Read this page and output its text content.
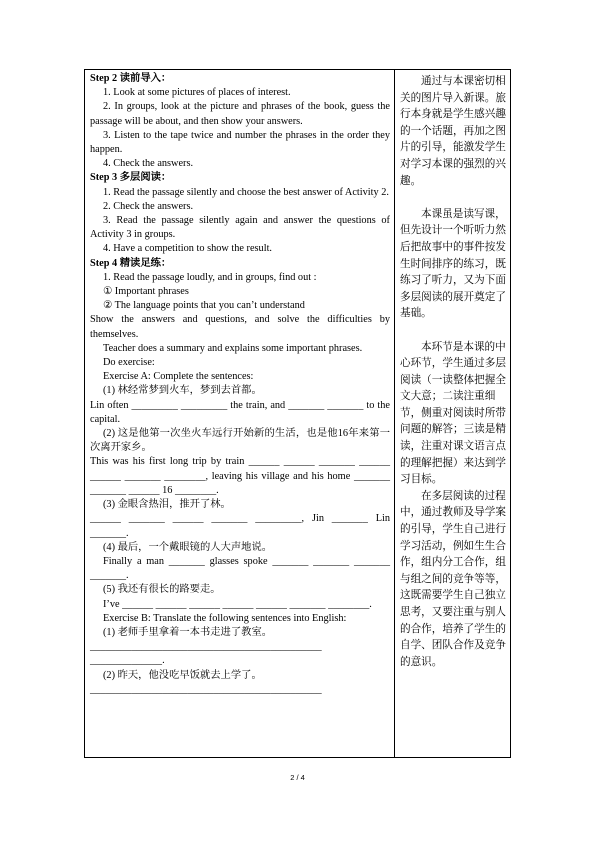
Step 2 读前导入：

1. Look at some pictures of places of interest.

2. In groups, look at the picture and phrases of the book, guess the passage will be about, and then show your answers.

3. Listen to the tape twice and number the phrases in the order they happen.

4. Check the answers.

Step 3 多层阅读：

1. Read the passage silently and choose the best answer of Activity 2.

2. Check the answers.

3. Read the passage silently again and answer the questions of Activity 3 in groups.

4. Have a competition to show the result.

Step 4 精读足练：

1. Read the passage loudly, and in groups, find out :

① Important phrases

② The language points that you can’t understand

Show the answers and questions, and solve the difficulties by themselves.

Teacher does a summary and explains some important phrases.

Do exercise:

Exercise A: Complete the sentences:

(1) 林经常梦到火车，梦到去首都。

Lin often _________ _________ the train, and _______ _______ to the capital.

(2) 这是他第一次坐火车远行开始新的生活，也是他16年来第一次离开家乡。

This was his first long trip by train ______ ______ _______ ______ ______ _______ ________, leaving his village and his home _______ _______ ______ 16 ________.

(3) 金眼含热泪，推开了林。

______ _______ ______ _______ _________, Jin _______ Lin _______.

(4) 最后，一个戴眼镜的人大声地说。

Finally a man _______ glasses spoke _______ _______ _______ _______.

(5) 我还有很长的路要走。

I’ve ______ ______ ______ ______ ______ _______ ________.

Exercise B: Translate the following sentences into English:

(1) 老师手里拿着一本书走进了教室。

_____________________________________________ ______________.

(2) 昨天，他没吃早饭就去上学了。

_____________________________________________

通过与本课密切相关的图片导入新课。旅行本身就是学生感兴趣的一个话题，再加之图片的引导，能激发学生对学习本课的强烈的兴趣。

本课虽是读写课，但先设计一个听听力然后把故事中的事件按发生时间排序的练习，既练习了听力，又为下面多层阅读的展开奠定了基础。

本环节是本课的中心环节，学生通过多层阅读（一读整体把握全文大意；二读注重细节，侧重对阅读时所带问题的解答；三读是精读，注重对课文语言点的理解把握）来达到学习目标。

在多层阅读的过程中，通过教师及导学案的引导，学生自己进行学习活动，例如生生合作，组内分工合作，组与组之间的竞争等等，这既需要学生自己独立思考，又要注重与别人的合作，培养了学生的自学、团队合作及竞争的意识。

2 / 4
